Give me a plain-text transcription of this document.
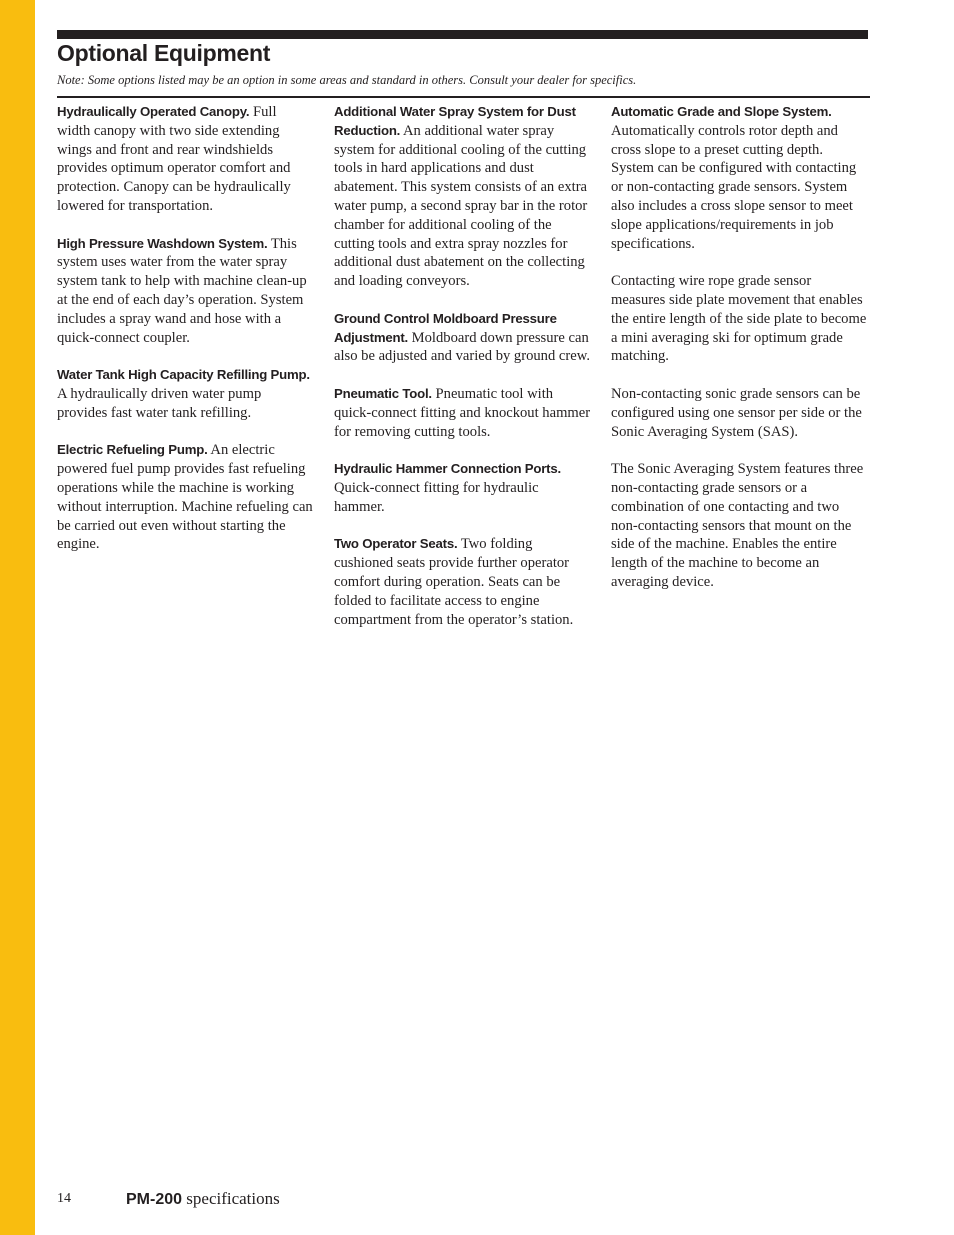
Optional Equipment

Note: Some options listed may be an option in some areas and standard in others. Consult your dealer for specifics.

Hydraulically Operated Canopy. Full width canopy with two side extending wings and front and rear windshields provides optimum operator comfort and protection. Canopy can be hydraulically lowered for transportation.

High Pressure Washdown System. This system uses water from the water spray system tank to help with machine clean-up at the end of each day’s operation. System includes a spray wand and hose with a quick-connect coupler.

Water Tank High Capacity Refilling Pump. A hydraulically driven water pump provides fast water tank refilling.

Electric Refueling Pump. An electric powered fuel pump provides fast refueling operations while the machine is working without interruption. Machine refueling can be carried out even without starting the engine.

Additional Water Spray System for Dust Reduction. An additional water spray system for additional cooling of the cutting tools in hard applications and dust abatement. This system consists of an extra water pump, a second spray bar in the rotor chamber for additional cooling of the cutting tools and extra spray nozzles for additional dust abatement on the collecting and loading conveyors.

Ground Control Moldboard Pressure Adjustment. Moldboard down pressure can also be adjusted and varied by ground crew.

Pneumatic Tool. Pneumatic tool with quick-connect fitting and knockout hammer for removing cutting tools.

Hydraulic Hammer Connection Ports. Quick-connect fitting for hydraulic hammer.

Two Operator Seats. Two folding cushioned seats provide further operator comfort during operation. Seats can be folded to facilitate access to engine compartment from the operator’s station.

Automatic Grade and Slope System. Automatically controls rotor depth and cross slope to a preset cutting depth. System can be configured with contacting or non-contacting grade sensors. System also includes a cross slope sensor to meet slope applications/requirements in job specifications.

Contacting wire rope grade sensor measures side plate movement that enables the entire length of the side plate to become a mini averaging ski for optimum grade matching.

Non-contacting sonic grade sensors can be configured using one sensor per side or the Sonic Averaging System (SAS).

The Sonic Averaging System features three non-contacting grade sensors or a combination of one contacting and two non-contacting sensors that mount on the side of the machine. Enables the entire length of the machine to become an averaging device.

14	PM-200 specifications
